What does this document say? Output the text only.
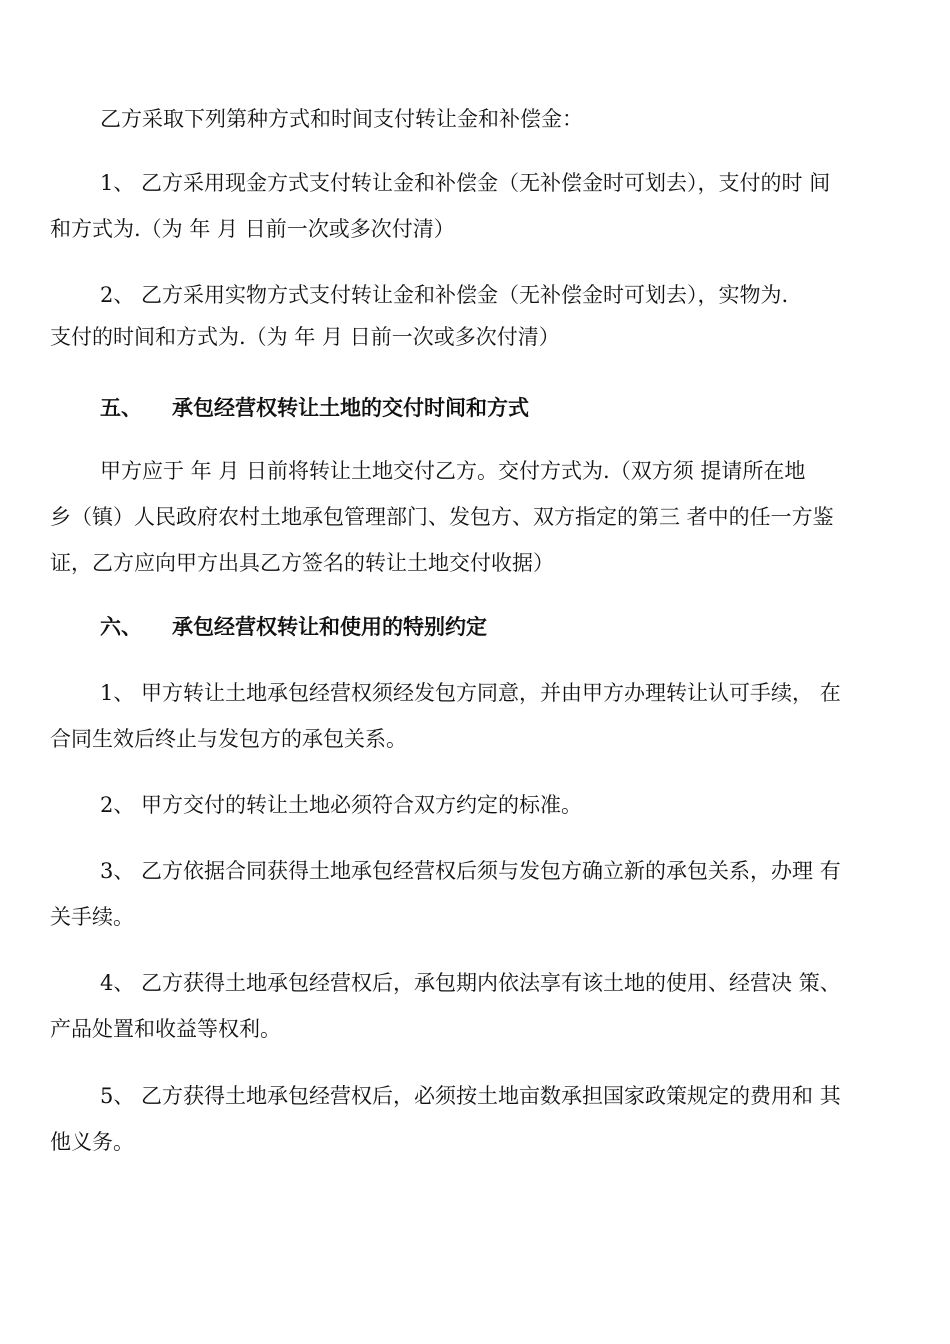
乙方采取下列第种方式和时间支付转让金和补偿金：
1、 乙方采用现金方式支付转让金和补偿金（无补偿金时可划去），支付的时 间
和方式为.（为 年 月 日前一次或多次付清）
2、 乙方采用实物方式支付转让金和补偿金（无补偿金时可划去），实物为.
支付的时间和方式为.（为 年 月 日前一次或多次付清）
五、 承包经营权转让土地的交付时间和方式
甲方应于 年 月 日前将转让土地交付乙方。交付方式为.（双方须 提请所在地
乡（镇）人民政府农村土地承包管理部门、发包方、双方指定的第三 者中的任一方鉴
证，乙方应向甲方出具乙方签名的转让土地交付收据）
六、 承包经营权转让和使用的特别约定
1、 甲方转让土地承包经营权须经发包方同意，并由甲方办理转让认可手续， 在
合同生效后终止与发包方的承包关系。
2、 甲方交付的转让土地必须符合双方约定的标准。
3、 乙方依据合同获得土地承包经营权后须与发包方确立新的承包关系，办理 有
关手续。
4、 乙方获得土地承包经营权后，承包期内依法享有该土地的使用、经营决 策、
产品处置和收益等权利。
5、 乙方获得土地承包经营权后，必须按土地亩数承担国家政策规定的费用和 其
他义务。
